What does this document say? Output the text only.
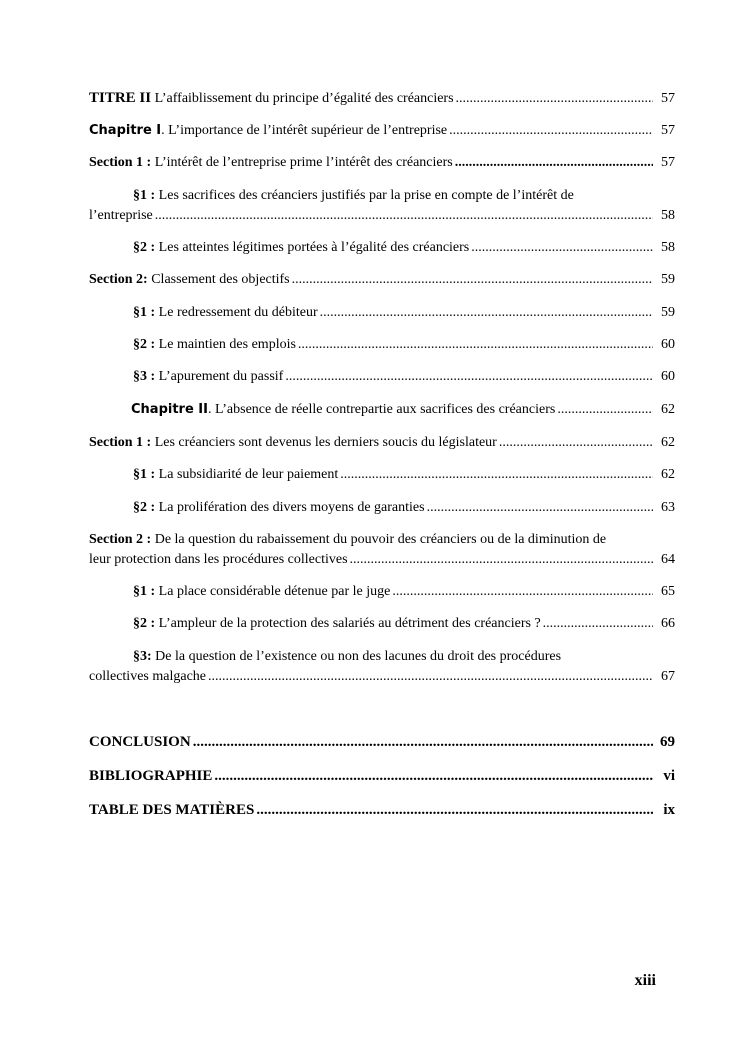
TITRE II L’affaiblissement du principe d’égalité des créanciers .....	57
Chapitre I. L’importance de l’intérêt supérieur de l’entreprise .....	57
Section 1 : L’intérêt de l’entreprise prime l’intérêt des créanciers .....	57
§1 : Les sacrifices des créanciers justifiés par la prise en compte de l’intérêt de
l’entreprise .....	58
§2 : Les atteintes légitimes portées à l’égalité des créanciers .....	58
Section 2: Classement des objectifs .....	59
§1 : Le redressement du débiteur .....	59
§2 : Le maintien des emplois .....	60
§3 : L’apurement du passif .....	60
Chapitre II. L’absence de réelle contrepartie aux sacrifices des créanciers .....	62
Section 1 : Les créanciers sont devenus les derniers soucis du législateur .....	62
§1 : La subsidiarité de leur paiement .....	62
§2 : La prolifération des divers moyens de garanties .....	63
Section 2 : De la question du rabaissement du pouvoir des créanciers ou de la diminution de
leur protection dans les procédures collectives .....	64
§1 : La place considérable détenue par le juge .....	65
§2 : L’ampleur de la protection des salariés au détriment des créanciers ? .....	66
§3: De la question de l’existence ou non des lacunes du droit des procédures
collectives malgache .....	67
CONCLUSION .....	69
BIBLIOGRAPHIE .....	vi
TABLE DES MATIÈRES .....	ix
xiii
